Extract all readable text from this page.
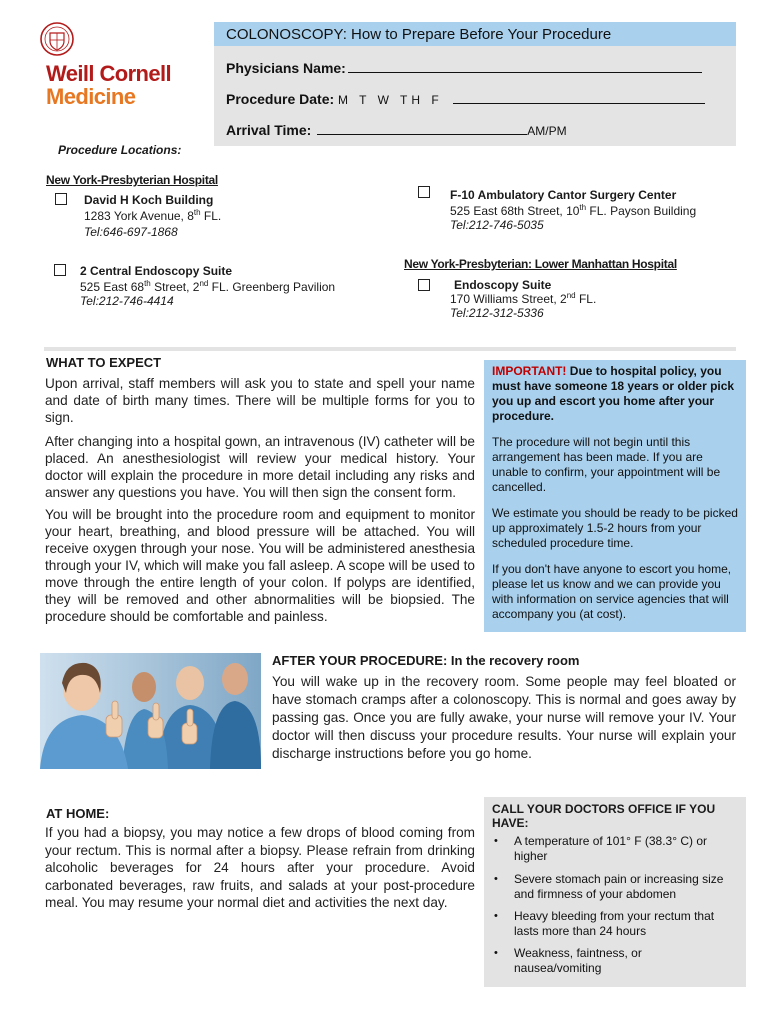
Weill Cornell
Medicine
COLONOSCOPY: How to Prepare Before Your Procedure
Physicians Name:
Procedure Date: M T W TH F
Arrival Time:	AM/PM
Procedure Locations:
New York-Presbyterian Hospital
David H Koch Building
1283 York Avenue, 8th FL.
Tel:646-697-1868
2 Central Endoscopy Suite
525 East 68th Street, 2nd FL. Greenberg Pavilion
Tel:212-746-4414
F-10 Ambulatory Cantor Surgery Center
525 East 68th Street, 10th FL. Payson Building
Tel:212-746-5035
New York-Presbyterian: Lower Manhattan Hospital
Endoscopy Suite
170 Williams Street, 2nd FL.
Tel:212-312-5336
WHAT TO EXPECT
Upon arrival, staff members will ask you to state and spell your name and date of birth many times. There will be multiple forms for you to sign.
After changing into a hospital gown, an intravenous (IV) catheter will be placed. An anesthesiologist will review your medical history. Your doctor will explain the procedure in more detail including any risks and answer any questions you have. You will then sign the consent form.
You will be brought into the procedure room and equipment to monitor your heart, breathing, and blood pressure will be attached. You will receive oxygen through your nose. You will be administered anesthesia through your IV, which will make you fall asleep. A scope will be used to move through the entire length of your colon. If polyps are identified, they will be removed and other abnormalities will be biopsied. The procedure should be comfortable and painless.
IMPORTANT! Due to hospital policy, you must have someone 18 years or older pick you up and escort you home after your procedure.
The procedure will not begin until this arrangement has been made. If you are unable to confirm, your appointment will be cancelled.
We estimate you should be ready to be picked up approximately 1.5-2 hours from your scheduled procedure time.
If you don't have anyone to escort you home, please let us know and we can provide you with information on service agencies that will accompany you (at cost).
AFTER YOUR PROCEDURE: In the recovery room
You will wake up in the recovery room. Some people may feel bloated or have stomach cramps after a colonoscopy. This is normal and goes away by passing gas. Once you are fully awake, your nurse will remove your IV. Your doctor will then discuss your procedure results. Your nurse will explain your discharge instructions before you go home.
AT HOME:
If you had a biopsy, you may notice a few drops of blood coming from your rectum. This is normal after a biopsy. Please refrain from drinking alcoholic beverages for 24 hours after your procedure. Avoid carbonated beverages, raw fruits, and salads at your post-procedure meal. You may resume your normal diet and activities the next day.
CALL YOUR DOCTORS OFFICE IF YOU HAVE:
• A temperature of 101° F (38.3° C) or higher
• Severe stomach pain or increasing size and firmness of your abdomen
• Heavy bleeding from your rectum that lasts more than 24 hours
• Weakness, faintness, or nausea/vomiting
